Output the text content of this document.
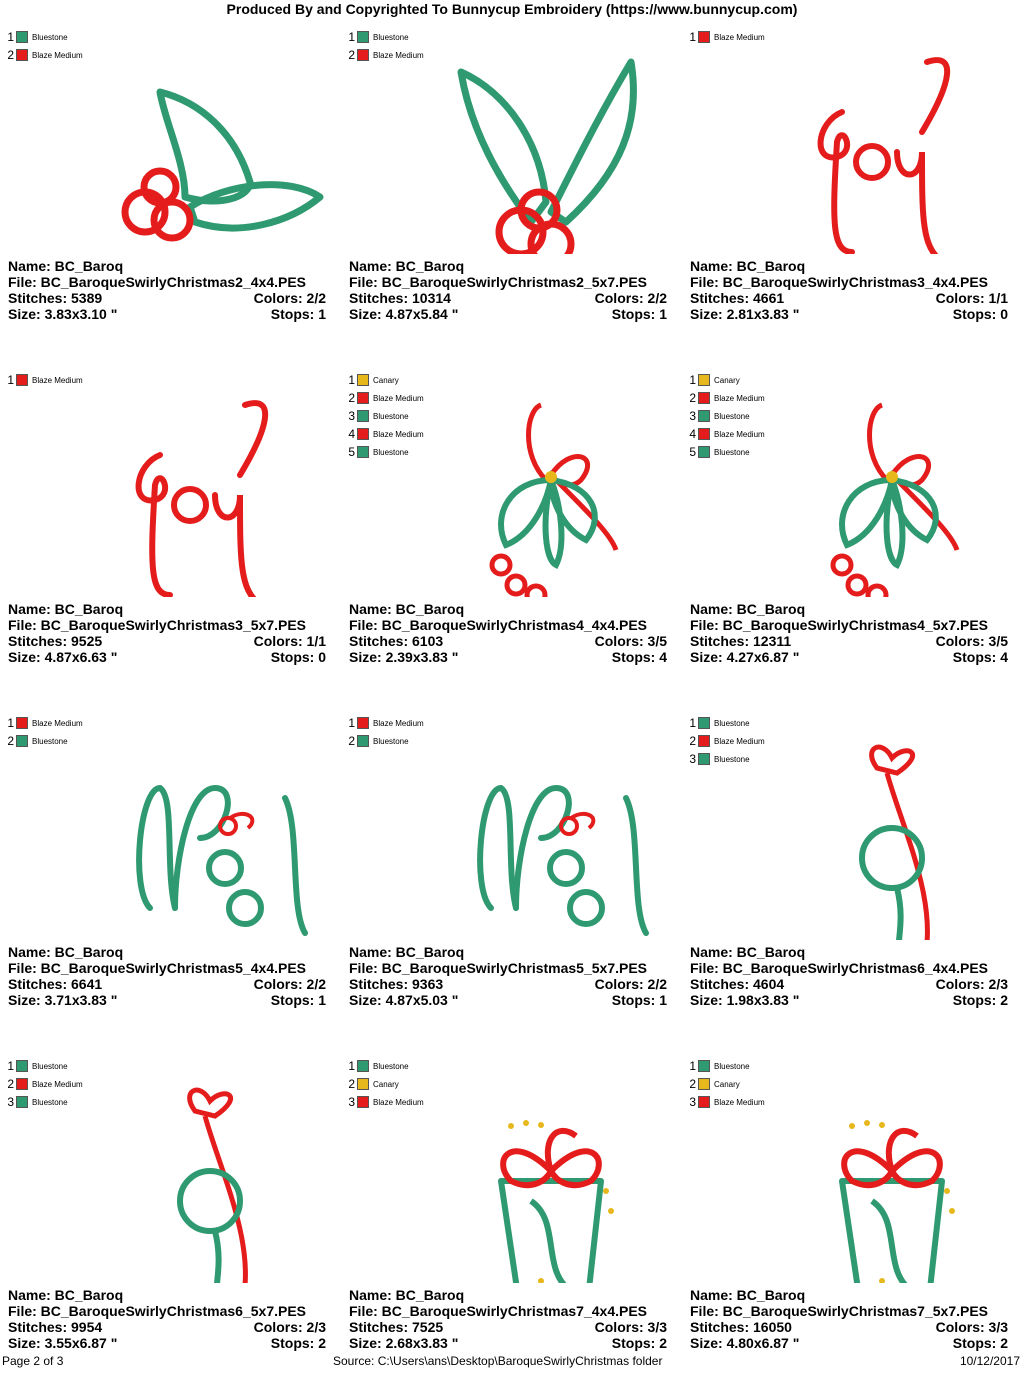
Produced By and Copyrighted To Bunnycup Embroidery (https://www.bunnycup.com)
1 Bluestone
2 Blaze Medium
Name: BC_Baroq
File: BC_BaroqueSwirlyChristmas2_4x4.PES
Stitches: 5389	Colors: 2/2
Size: 3.83x3.10 "	Stops: 1
1 Bluestone
2 Blaze Medium
Name: BC_Baroq
File: BC_BaroqueSwirlyChristmas2_5x7.PES
Stitches: 10314	Colors: 2/2
Size: 4.87x5.84 "	Stops: 1
1 Blaze Medium
Name: BC_Baroq
File: BC_BaroqueSwirlyChristmas3_4x4.PES
Stitches: 4661	Colors: 1/1
Size: 2.81x3.83 "	Stops: 0
1 Blaze Medium
Name: BC_Baroq
File: BC_BaroqueSwirlyChristmas3_5x7.PES
Stitches: 9525	Colors: 1/1
Size: 4.87x6.63 "	Stops: 0
1 Canary
2 Blaze Medium
3 Bluestone
4 Blaze Medium
5 Bluestone
Name: BC_Baroq
File: BC_BaroqueSwirlyChristmas4_4x4.PES
Stitches: 6103	Colors: 3/5
Size: 2.39x3.83 "	Stops: 4
1 Canary
2 Blaze Medium
3 Bluestone
4 Blaze Medium
5 Bluestone
Name: BC_Baroq
File: BC_BaroqueSwirlyChristmas4_5x7.PES
Stitches: 12311	Colors: 3/5
Size: 4.27x6.87 "	Stops: 4
1 Blaze Medium
2 Bluestone
Name: BC_Baroq
File: BC_BaroqueSwirlyChristmas5_4x4.PES
Stitches: 6641	Colors: 2/2
Size: 3.71x3.83 "	Stops: 1
1 Blaze Medium
2 Bluestone
Name: BC_Baroq
File: BC_BaroqueSwirlyChristmas5_5x7.PES
Stitches: 9363	Colors: 2/2
Size: 4.87x5.03 "	Stops: 1
1 Bluestone
2 Blaze Medium
3 Bluestone
Name: BC_Baroq
File: BC_BaroqueSwirlyChristmas6_4x4.PES
Stitches: 4604	Colors: 2/3
Size: 1.98x3.83 "	Stops: 2
1 Bluestone
2 Blaze Medium
3 Bluestone
Name: BC_Baroq
File: BC_BaroqueSwirlyChristmas6_5x7.PES
Stitches: 9954	Colors: 2/3
Size: 3.55x6.87 "	Stops: 2
1 Bluestone
2 Canary
3 Blaze Medium
Name: BC_Baroq
File: BC_BaroqueSwirlyChristmas7_4x4.PES
Stitches: 7525	Colors: 3/3
Size: 2.68x3.83 "	Stops: 2
1 Bluestone
2 Canary
3 Blaze Medium
Name: BC_Baroq
File: BC_BaroqueSwirlyChristmas7_5x7.PES
Stitches: 16050	Colors: 3/3
Size: 4.80x6.87 "	Stops: 2
Page 2 of 3	Source: C:\Users\ans\Desktop\BaroqueSwirlyChristmas folder	10/12/2017
